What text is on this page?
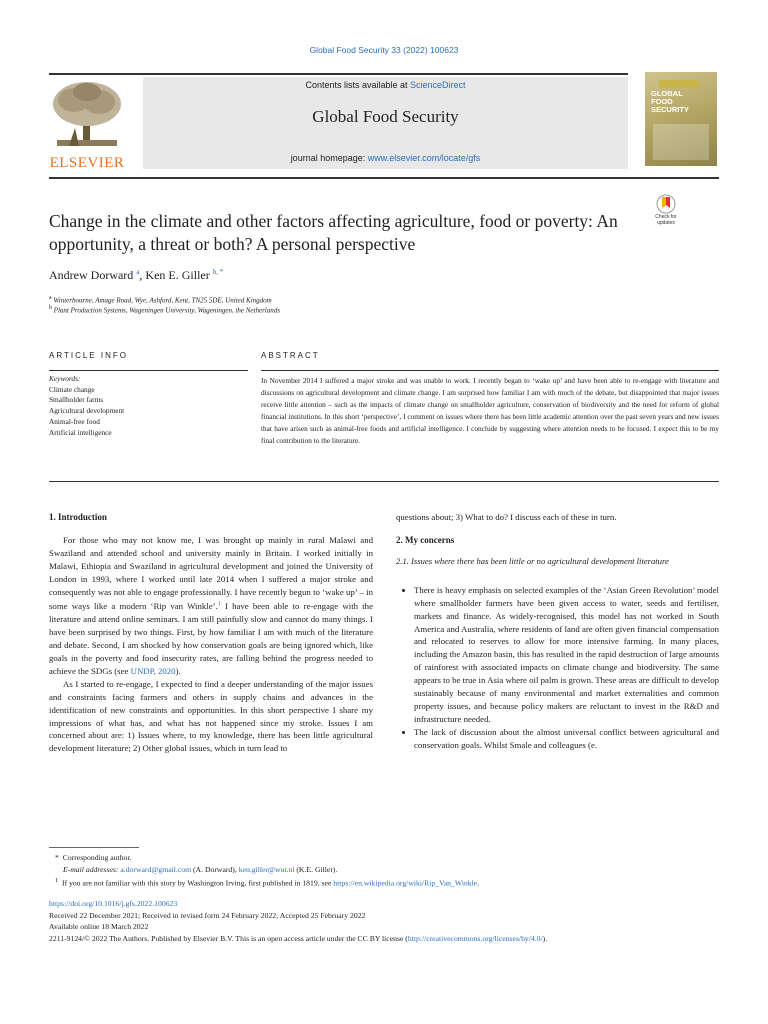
Global Food Security 33 (2022) 100623
ELSEVIER
Contents lists available at ScienceDirect
Global Food Security
journal homepage: www.elsevier.com/locate/gfs
GLOBAL
FOOD
SECURITY
Check for
updates
Change in the climate and other factors affecting agriculture, food or poverty: An opportunity, a threat or both? A personal perspective
Andrew Dorward $^a$, Ken E. Giller $^{b, *}$
$^a$ Winterbourne, Amage Road, Wye, Ashford, Kent, TN25 5DE, United Kingdom
$^b$ Plant Production Systems, Wageningen University, Wageningen, the Netherlands
ARTICLE INFO
Keywords:
Climate change
Smallholder farms
Agricultural development
Animal-free food
Artificial intelligence
ABSTRACT
In November 2014 I suffered a major stroke and was unable to work. I recently began to ‘wake up’ and have been able to re-engage with literature and discussions on agricultural development and climate change. I am surprised how familiar I am with much of the debate, but disappointed that major issues receive little attention – such as the impacts of climate change on smallholder agriculture, conservation of biodiversity and the need for reform of global financial institutions. In this short ‘perspective’, I comment on issues where there has been little academic attention over the past seven years and new issues that have arisen such as animal-free foods and artificial intelligence. I conclude by suggesting where attention needs to be focused. I expect this to be my final contribution to the literature.
1. Introduction

For those who may not know me, I was brought up mainly in rural Malawi and Swaziland and attended school and university mainly in Britain. I worked initially in Malawi, Ethiopia and Swaziland in agricultural development and joined the University of London in 1993, where I worked until late 2014 when I suffered a major stroke and consequently was not able to engage professionally. I have recently begun to ‘wake up’ – in some ways like a modern ‘Rip van Winkle’.$^1$ I have been able to re-engage with the literature and attend online seminars. I am still painfully slow and cannot do many things. I have been surprised by two things. First, by how familiar I am with much of the literature and debate. Second, I am shocked by how conservation goals are being ignored which, like goals in the poverty and food insecurity rates, are falling behind the progress needed to achieve the SDGs (see UNDP, 2020).

As I started to re-engage, I expected to find a deeper understanding of the major issues and constraints facing farmers and others in supply chains and advances in the identification of new constraints and opportunities. In this short perspective I share my impressions of what has, and what has not happened since my stroke. Issues I am concerned about are: 1) Issues where, to my knowledge, there has been little agricultural development literature; 2) Other global issues, which in turn lead to

questions about; 3) What to do? I discuss each of these in turn.
2. My concerns
2.1. Issues where there has been little or no agricultural development literature
• There is heavy emphasis on selected examples of the ‘Asian Green Revolution’ model where smallholder farmers have been given access to water, seeds and fertiliser, markets and finance. As widely-recognised, this model has not worked in South America and Australia, where residents of land are often given financial compensation and relocated to reserves to allow for more intensive farming. In many places, including the Amazon basin, this has resulted in the rapid destruction of large amounts of rainforest with associated impacts on climate change and biodiversity. The same appears to be true in Asia where oil palm is grown. These areas are difficult to develop sustainably because of many environmental and market externalities and common property issues, and because policy makers are reluctant to invest in the R&D and infrastructure needed.
• The lack of discussion about the almost universal conflict between agricultural and conservation goals. Whilst Smale and colleagues (e.
*  Corresponding author.
E-mail addresses: a.dorward@gmail.com (A. Dorward), ken.giller@wur.nl (K.E. Giller).
$^1$ If you are not familiar with this story by Washington Irving, first published in 1819, see https://en.wikipedia.org/wiki/Rip_Van_Winkle.
https://doi.org/10.1016/j.gfs.2022.100623
Received 22 December 2021; Received in revised form 24 February 2022; Accepted 25 February 2022
Available online 18 March 2022
2211-9124/© 2022 The Authors. Published by Elsevier B.V. This is an open access article under the CC BY license (http://creativecommons.org/licenses/by/4.0/).
